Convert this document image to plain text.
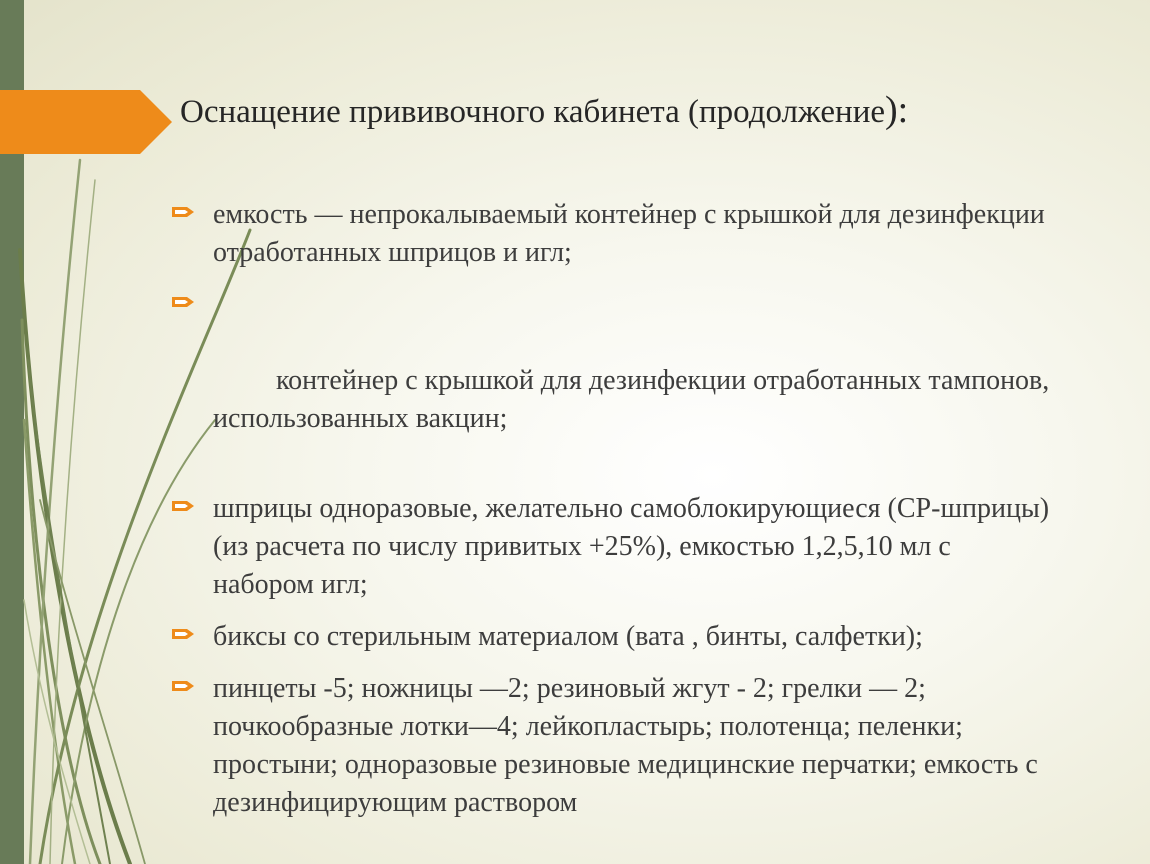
Оснащение прививочного кабинета (продолжение):
емкость — непрокалываемый контейнер с крышкой для дезинфекции отработанных шприцов и игл;

контейнер с крышкой для дезинфекции отработанных тампонов, использованных вакцин;

шприцы одноразовые, желательно самоблокирующиеся (СР-шприцы) (из расчета по числу привитых +25%), емкостью 1,2,5,10 мл с набором игл;
биксы со стерильным материалом (вата , бинты, салфетки);
пинцеты -5; ножницы —2; резиновый жгут - 2; грелки — 2; почкообразные лотки—4; лейкопластырь; полотенца; пеленки; простыни; одноразовые резиновые медицинские перчатки; емкость с дезинфицирующим раствором
